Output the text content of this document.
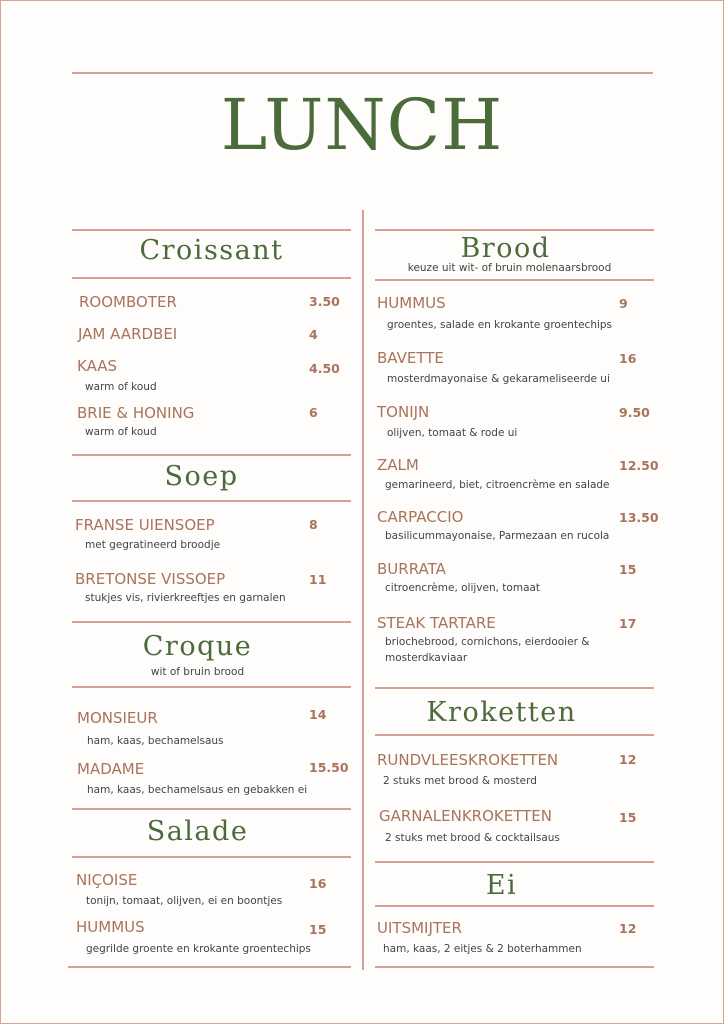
LUNCH
Croissant
ROOMBOTER	3.50
JAM AARDBEI	4
KAAS	4.50
warm of koud
BRIE & HONING	6
warm of koud
Soep
FRANSE UIENSOEP	8
met gegratineerd broodje
BRETONSE VISSOEP	11
stukjes vis, rivierkreeftjes en garnalen
Croque
wit of bruin brood
MONSIEUR	14
ham, kaas, bechamelsaus
MADAME	15.50
ham, kaas, bechamelsaus en gebakken ei
Salade
NIÇOISE	16
tonijn, tomaat, olijven, ei en boontjes
HUMMUS	15
gegrilde groente en krokante groentechips
Brood
keuze uit wit- of bruin molenaarsbrood
HUMMUS	9
groentes, salade en krokante groentechips
BAVETTE	16
mosterdmayonaise & gekarameliseerde ui
TONIJN	9.50
olijven, tomaat & rode ui
ZALM	12.50
gemarineerd, biet, citroencrème en salade
CARPACCIO	13.50
basilicummayonaise, Parmezaan en rucola
BURRATA	15
citroencrème, olijven, tomaat
STEAK TARTARE	17
briochebrood, cornichons, eierdooier &
mosterdkaviaar
Kroketten
RUNDVLEESKROKETTEN	12
2 stuks met brood & mosterd
GARNALENKROKETTEN	15
2 stuks met brood & cocktailsaus
Ei
UITSMIJTER	12
ham, kaas, 2 eitjes & 2 boterhammen
